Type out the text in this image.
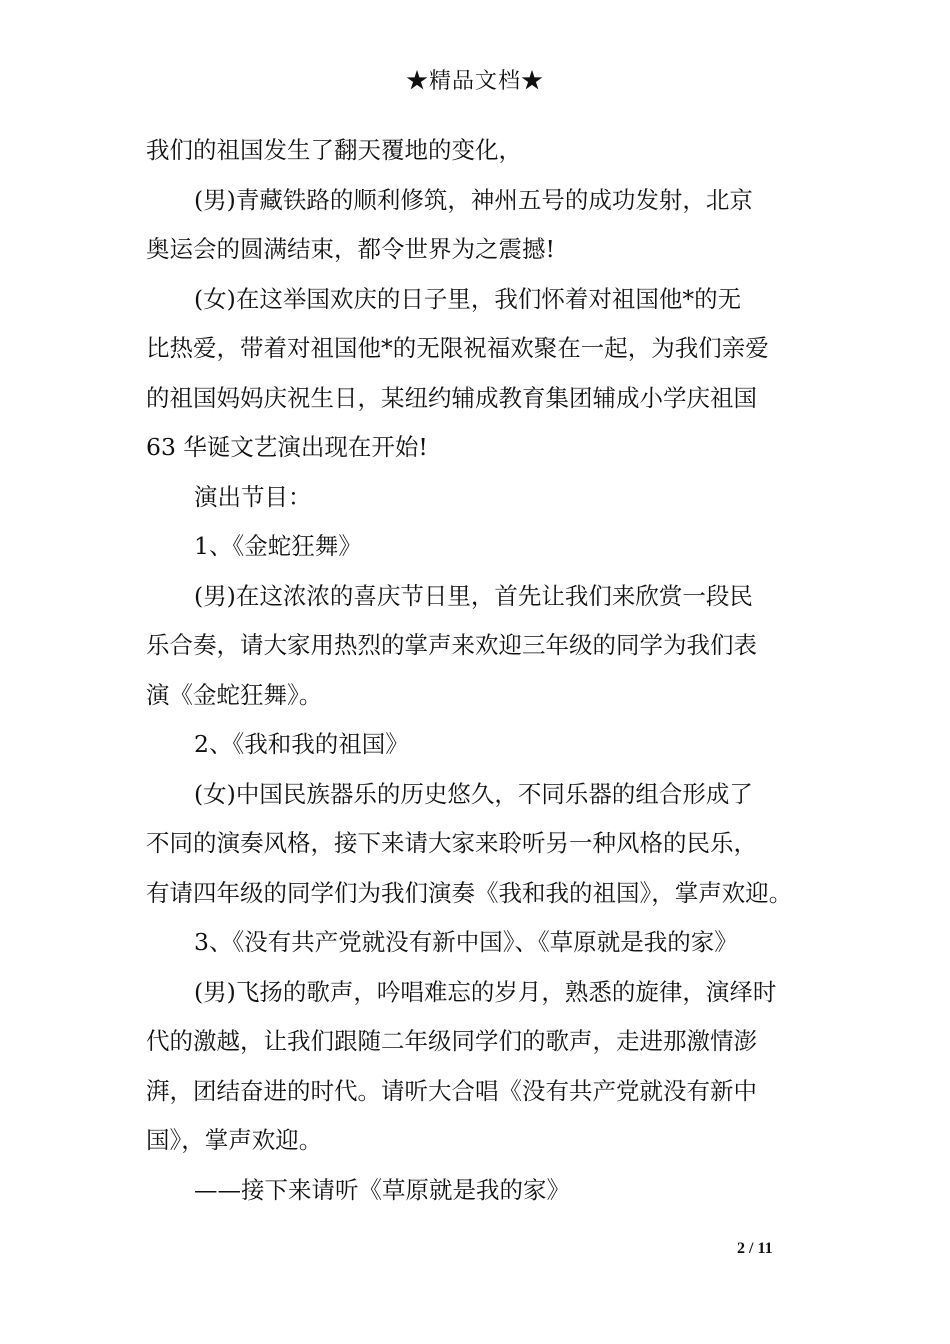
★精品文档★
我们的祖国发生了翻天覆地的变化，
(男)青藏铁路的顺利修筑，神州五号的成功发射，北京
奥运会的圆满结束，都令世界为之震撼!
(女)在这举国欢庆的日子里，我们怀着对祖国他*的无
比热爱，带着对祖国他*的无限祝福欢聚在一起，为我们亲爱
的祖国妈妈庆祝生日，某纽约辅成教育集团辅成小学庆祖国
63 华诞文艺演出现在开始!
演出节目：
1、《金蛇狂舞》
(男)在这浓浓的喜庆节日里，首先让我们来欣赏一段民
乐合奏，请大家用热烈的掌声来欢迎三年级的同学为我们表
演《金蛇狂舞》。
2、《我和我的祖国》
(女)中国民族器乐的历史悠久，不同乐器的组合形成了
不同的演奏风格，接下来请大家来聆听另一种风格的民乐，
有请四年级的同学们为我们演奏《我和我的祖国》，掌声欢迎。
3、《没有共产党就没有新中国》、《草原就是我的家》
(男)飞扬的歌声，吟唱难忘的岁月，熟悉的旋律，演绎时
代的激越，让我们跟随二年级同学们的歌声，走进那激情澎
湃，团结奋进的时代。请听大合唱《没有共产党就没有新中
国》，掌声欢迎。
——接下来请听《草原就是我的家》
2 / 11
